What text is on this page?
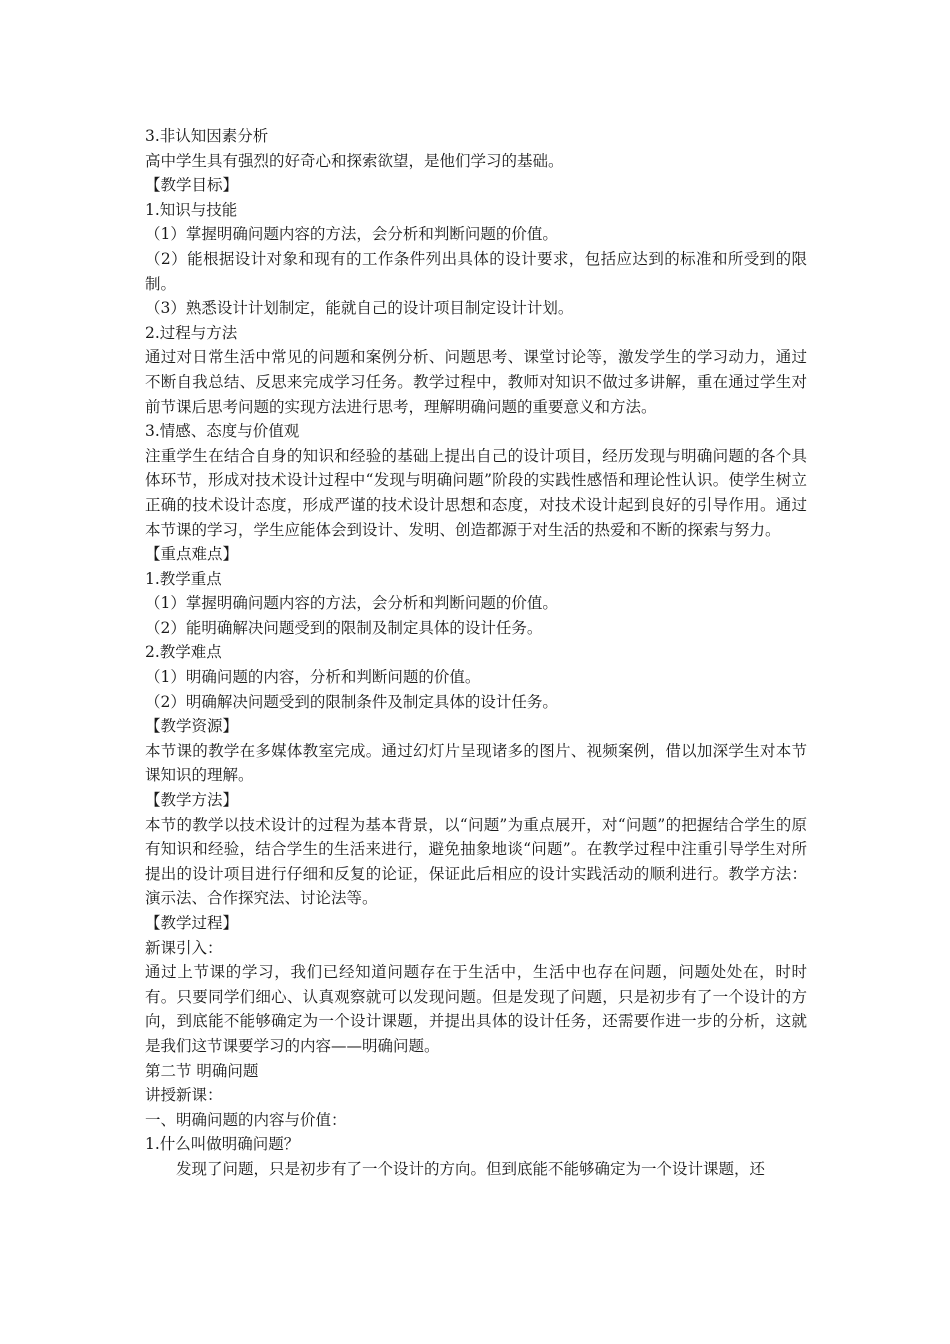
3.非认知因素分析

高中学生具有强烈的好奇心和探索欲望，是他们学习的基础。

【教学目标】

1.知识与技能

（1）掌握明确问题内容的方法，会分析和判断问题的价值。

（2）能根据设计对象和现有的工作条件列出具体的设计要求，包括应达到的标准和所受到的限制。

（3）熟悉设计计划制定，能就自己的设计项目制定设计计划。

2.过程与方法

通过对日常生活中常见的问题和案例分析、问题思考、课堂讨论等，激发学生的学习动力，通过不断自我总结、反思来完成学习任务。教学过程中，教师对知识不做过多讲解，重在通过学生对前节课后思考问题的实现方法进行思考，理解明确问题的重要意义和方法。

3.情感、态度与价值观

注重学生在结合自身的知识和经验的基础上提出自己的设计项目，经历发现与明确问题的各个具体环节，形成对技术设计过程中“发现与明确问题”阶段的实践性感悟和理论性认识。使学生树立正确的技术设计态度，形成严谨的技术设计思想和态度，对技术设计起到良好的引导作用。通过本节课的学习，学生应能体会到设计、发明、创造都源于对生活的热爱和不断的探索与努力。

【重点难点】

1.教学重点

（1）掌握明确问题内容的方法，会分析和判断问题的价值。

（2）能明确解决问题受到的限制及制定具体的设计任务。

2.教学难点

（1）明确问题的内容，分析和判断问题的价值。

（2）明确解决问题受到的限制条件及制定具体的设计任务。

【教学资源】

本节课的教学在多媒体教室完成。通过幻灯片呈现诸多的图片、视频案例，借以加深学生对本节课知识的理解。

【教学方法】

本节的教学以技术设计的过程为基本背景，以“问题”为重点展开，对“问题”的把握结合学生的原有知识和经验，结合学生的生活来进行，避免抽象地谈“问题”。在教学过程中注重引导学生对所提出的设计项目进行仔细和反复的论证，保证此后相应的设计实践活动的顺利进行。教学方法：演示法、合作探究法、讨论法等。

【教学过程】

新课引入：

通过上节课的学习，我们已经知道问题存在于生活中，生活中也存在问题，问题处处在，时时有。只要同学们细心、认真观察就可以发现问题。但是发现了问题，只是初步有了一个设计的方向，到底能不能够确定为一个设计课题，并提出具体的设计任务，还需要作进一步的分析，这就是我们这节课要学习的内容——明确问题。

第二节 明确问题

讲授新课：

一、明确问题的内容与价值：

1.什么叫做明确问题？

发现了问题，只是初步有了一个设计的方向。但到底能不能够确定为一个设计课题，还
